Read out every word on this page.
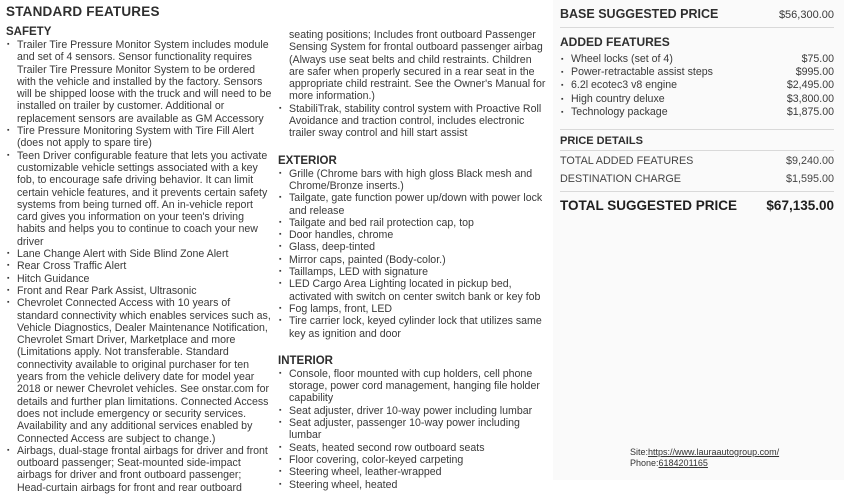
STANDARD FEATURES
SAFETY
▪ Trailer Tire Pressure Monitor System includes module and set of 4 sensors. Sensor functionality requires Trailer Tire Pressure Monitor System to be ordered with the vehicle and installed by the factory. Sensors will be shipped loose with the truck and will need to be installed on trailer by customer. Additional or replacement sensors are available as GM Accessory
▪ Tire Pressure Monitoring System with Tire Fill Alert (does not apply to spare tire)
▪ Teen Driver configurable feature that lets you activate customizable vehicle settings associated with a key fob, to encourage safe driving behavior. It can limit certain vehicle features, and it prevents certain safety systems from being turned off. An in-vehicle report card gives you information on your teen's driving habits and helps you to continue to coach your new driver
▪ Lane Change Alert with Side Blind Zone Alert
▪ Rear Cross Traffic Alert
▪ Hitch Guidance
▪ Front and Rear Park Assist, Ultrasonic
▪ Chevrolet Connected Access with 10 years of standard connectivity which enables services such as, Vehicle Diagnostics, Dealer Maintenance Notification, Chevrolet Smart Driver, Marketplace and more (Limitations apply. Not transferable. Standard connectivity available to original purchaser for ten years from the vehicle delivery date for model year 2018 or newer Chevrolet vehicles. See onstar.com for details and further plan limitations. Connected Access does not include emergency or security services. Availability and any additional services enabled by Connected Access are subject to change.)
▪ Airbags, dual-stage frontal airbags for driver and front outboard passenger; Seat-mounted side-impact airbags for driver and front outboard passenger; Head-curtain airbags for front and rear outboard
seating positions; Includes front outboard Passenger Sensing System for frontal outboard passenger airbag (Always use seat belts and child restraints. Children are safer when properly secured in a rear seat in the appropriate child restraint. See the Owner's Manual for more information.)
▪ StabiliTrak, stability control system with Proactive Roll Avoidance and traction control, includes electronic trailer sway control and hill start assist
EXTERIOR
▪ Grille (Chrome bars with high gloss Black mesh and Chrome/Bronze inserts.)
▪ Tailgate, gate function power up/down with power lock and release
▪ Tailgate and bed rail protection cap, top
▪ Door handles, chrome
▪ Glass, deep-tinted
▪ Mirror caps, painted (Body-color.)
▪ Taillamps, LED with signature
▪ LED Cargo Area Lighting located in pickup bed, activated with switch on center switch bank or key fob
▪ Fog lamps, front, LED
▪ Tire carrier lock, keyed cylinder lock that utilizes same key as ignition and door
INTERIOR
▪ Console, floor mounted with cup holders, cell phone storage, power cord management, hanging file holder capability
▪ Seat adjuster, driver 10-way power including lumbar
▪ Seat adjuster, passenger 10-way power including lumbar
▪ Seats, heated second row outboard seats
▪ Floor covering, color-keyed carpeting
▪ Steering wheel, leather-wrapped
▪ Steering wheel, heated
BASE SUGGESTED PRICE	$56,300.00
ADDED FEATURES
▪ Wheel locks (set of 4)	$75.00
▪ Power-retractable assist steps	$995.00
▪ 6.2l ecotec3 v8 engine	$2,495.00
▪ High country deluxe	$3,800.00
▪ Technology package	$1,875.00
PRICE DETAILS
TOTAL ADDED FEATURES	$9,240.00
DESTINATION CHARGE	$1,595.00
TOTAL SUGGESTED PRICE $67,135.00
Site:https://www.lauraautogroup.com/
Phone:6184201165
